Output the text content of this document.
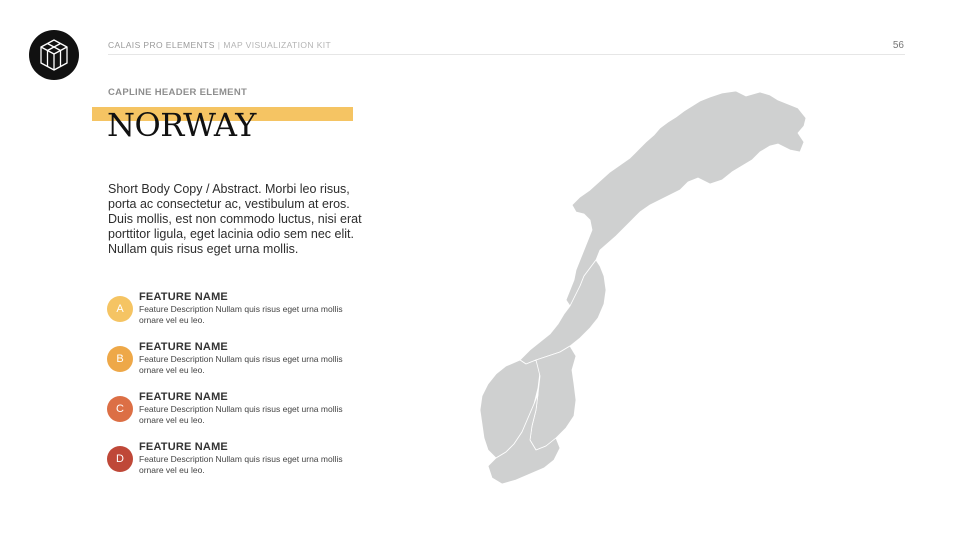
CALAIS PRO ELEMENTS | MAP VISUALIZATION KIT	56
CAPLINE HEADER ELEMENT
NORWAY
Short Body Copy / Abstract. Morbi leo risus, porta ac consectetur ac, vestibulum at eros. Duis mollis, est non commodo luctus, nisi erat porttitor ligula, eget lacinia odio sem nec elit. Nullam quis risus eget urna mollis.
A
FEATURE NAME
Feature Description Nullam quis risus eget urna mollis ornare vel eu leo.
B
FEATURE NAME
Feature Description Nullam quis risus eget urna mollis ornare vel eu leo.
C
FEATURE NAME
Feature Description Nullam quis risus eget urna mollis ornare vel eu leo.
D
FEATURE NAME
Feature Description Nullam quis risus eget urna mollis ornare vel eu leo.
